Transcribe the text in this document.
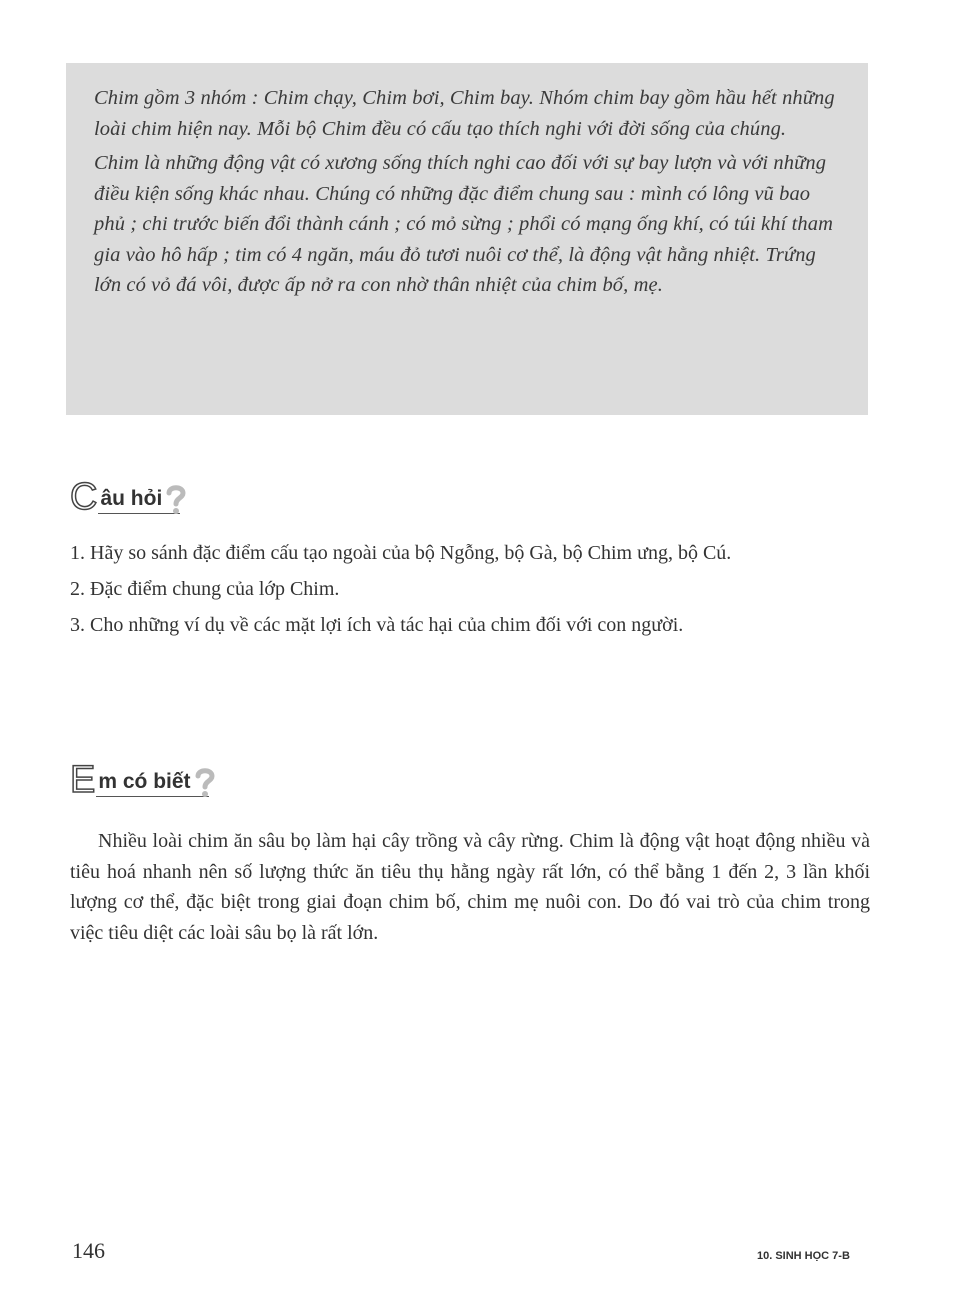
Chim gồm 3 nhóm : Chim chạy, Chim bơi, Chim bay. Nhóm chim bay gồm hầu hết những loài chim hiện nay. Mỗi bộ Chim đều có cấu tạo thích nghi với đời sống của chúng.

Chim là những động vật có xương sống thích nghi cao đối với sự bay lượn và với những điều kiện sống khác nhau. Chúng có những đặc điểm chung sau : mình có lông vũ bao phủ ; chi trước biến đổi thành cánh ; có mỏ sừng ; phổi có mạng ống khí, có túi khí tham gia vào hô hấp ; tim có 4 ngăn, máu đỏ tươi nuôi cơ thể, là động vật hằng nhiệt. Trứng lớn có vỏ đá vôi, được ấp nở ra con nhờ thân nhiệt của chim bố, mẹ.

C âu hỏi
1. Hãy so sánh đặc điểm cấu tạo ngoài của bộ Ngỗng, bộ Gà, bộ Chim ưng, bộ Cú.
2. Đặc điểm chung của lớp Chim.
3. Cho những ví dụ về các mặt lợi ích và tác hại của chim đối với con người.
E m có biết

Nhiều loài chim ăn sâu bọ làm hại cây trồng và cây rừng. Chim là động vật hoạt động nhiều và tiêu hoá nhanh nên số lượng thức ăn tiêu thụ hằng ngày rất lớn, có thể bằng 1 đến 2, 3 lần khối lượng cơ thể, đặc biệt trong giai đoạn chim bố, chim mẹ nuôi con. Do đó vai trò của chim trong việc tiêu diệt các loài sâu bọ là rất lớn.

146	10. SINH HỌC 7-B
